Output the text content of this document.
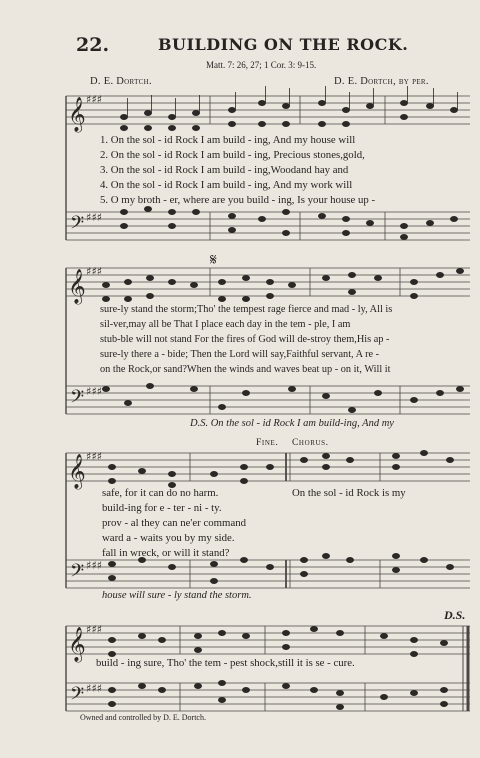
22.	BUILDING ON THE ROCK.
Matt. 7: 26, 27; 1 Cor. 3: 9-15.
D. E. Dortch.	D. E. Dortch, by per.
𝄞
𝄞
𝄞
𝄞
𝄢
𝄢
𝄢
𝄢
♯♯♯
♯♯♯
♯♯♯
♯♯♯
♯♯♯
♯♯♯
♯♯♯
♯♯♯
1. On the sol - id Rock I am build - ing, And my house will
2. On the sol - id Rock I am build - ing, Precious stones,gold,
3. On the sol - id Rock I am build - ing,Woodand hay and
4. On the sol - id Rock I am build - ing, And my work will
5. O my broth - er, where are you build - ing, Is your house up -
𝄋
sure-ly stand the storm;Tho' the tempest rage fierce and mad - ly, All is
sil-ver,may all be That I place each day in the tem - ple, I am
stub-ble will not stand For the fires of God will de-stroy them,His ap -
sure-ly there a - bide; Then the Lord will say,Faithful servant, A re -
on the Rock,or sand?When the winds and waves beat up - on it, Will it
D.S. On the sol - id Rock I am build-ing, And my
Fine. Chorus.
safe, for it can do no harm.	On the sol - id Rock is my
build-ing for e - ter - ni - ty.
prov - al they can ne'er command
ward a - waits you by my side.
fall in wreck, or will it stand?
house will sure - ly stand the storm.
D.S.
build - ing sure, Tho' the tem - pest shock,still it is se - cure.
Owned and controlled by D. E. Dortch.
